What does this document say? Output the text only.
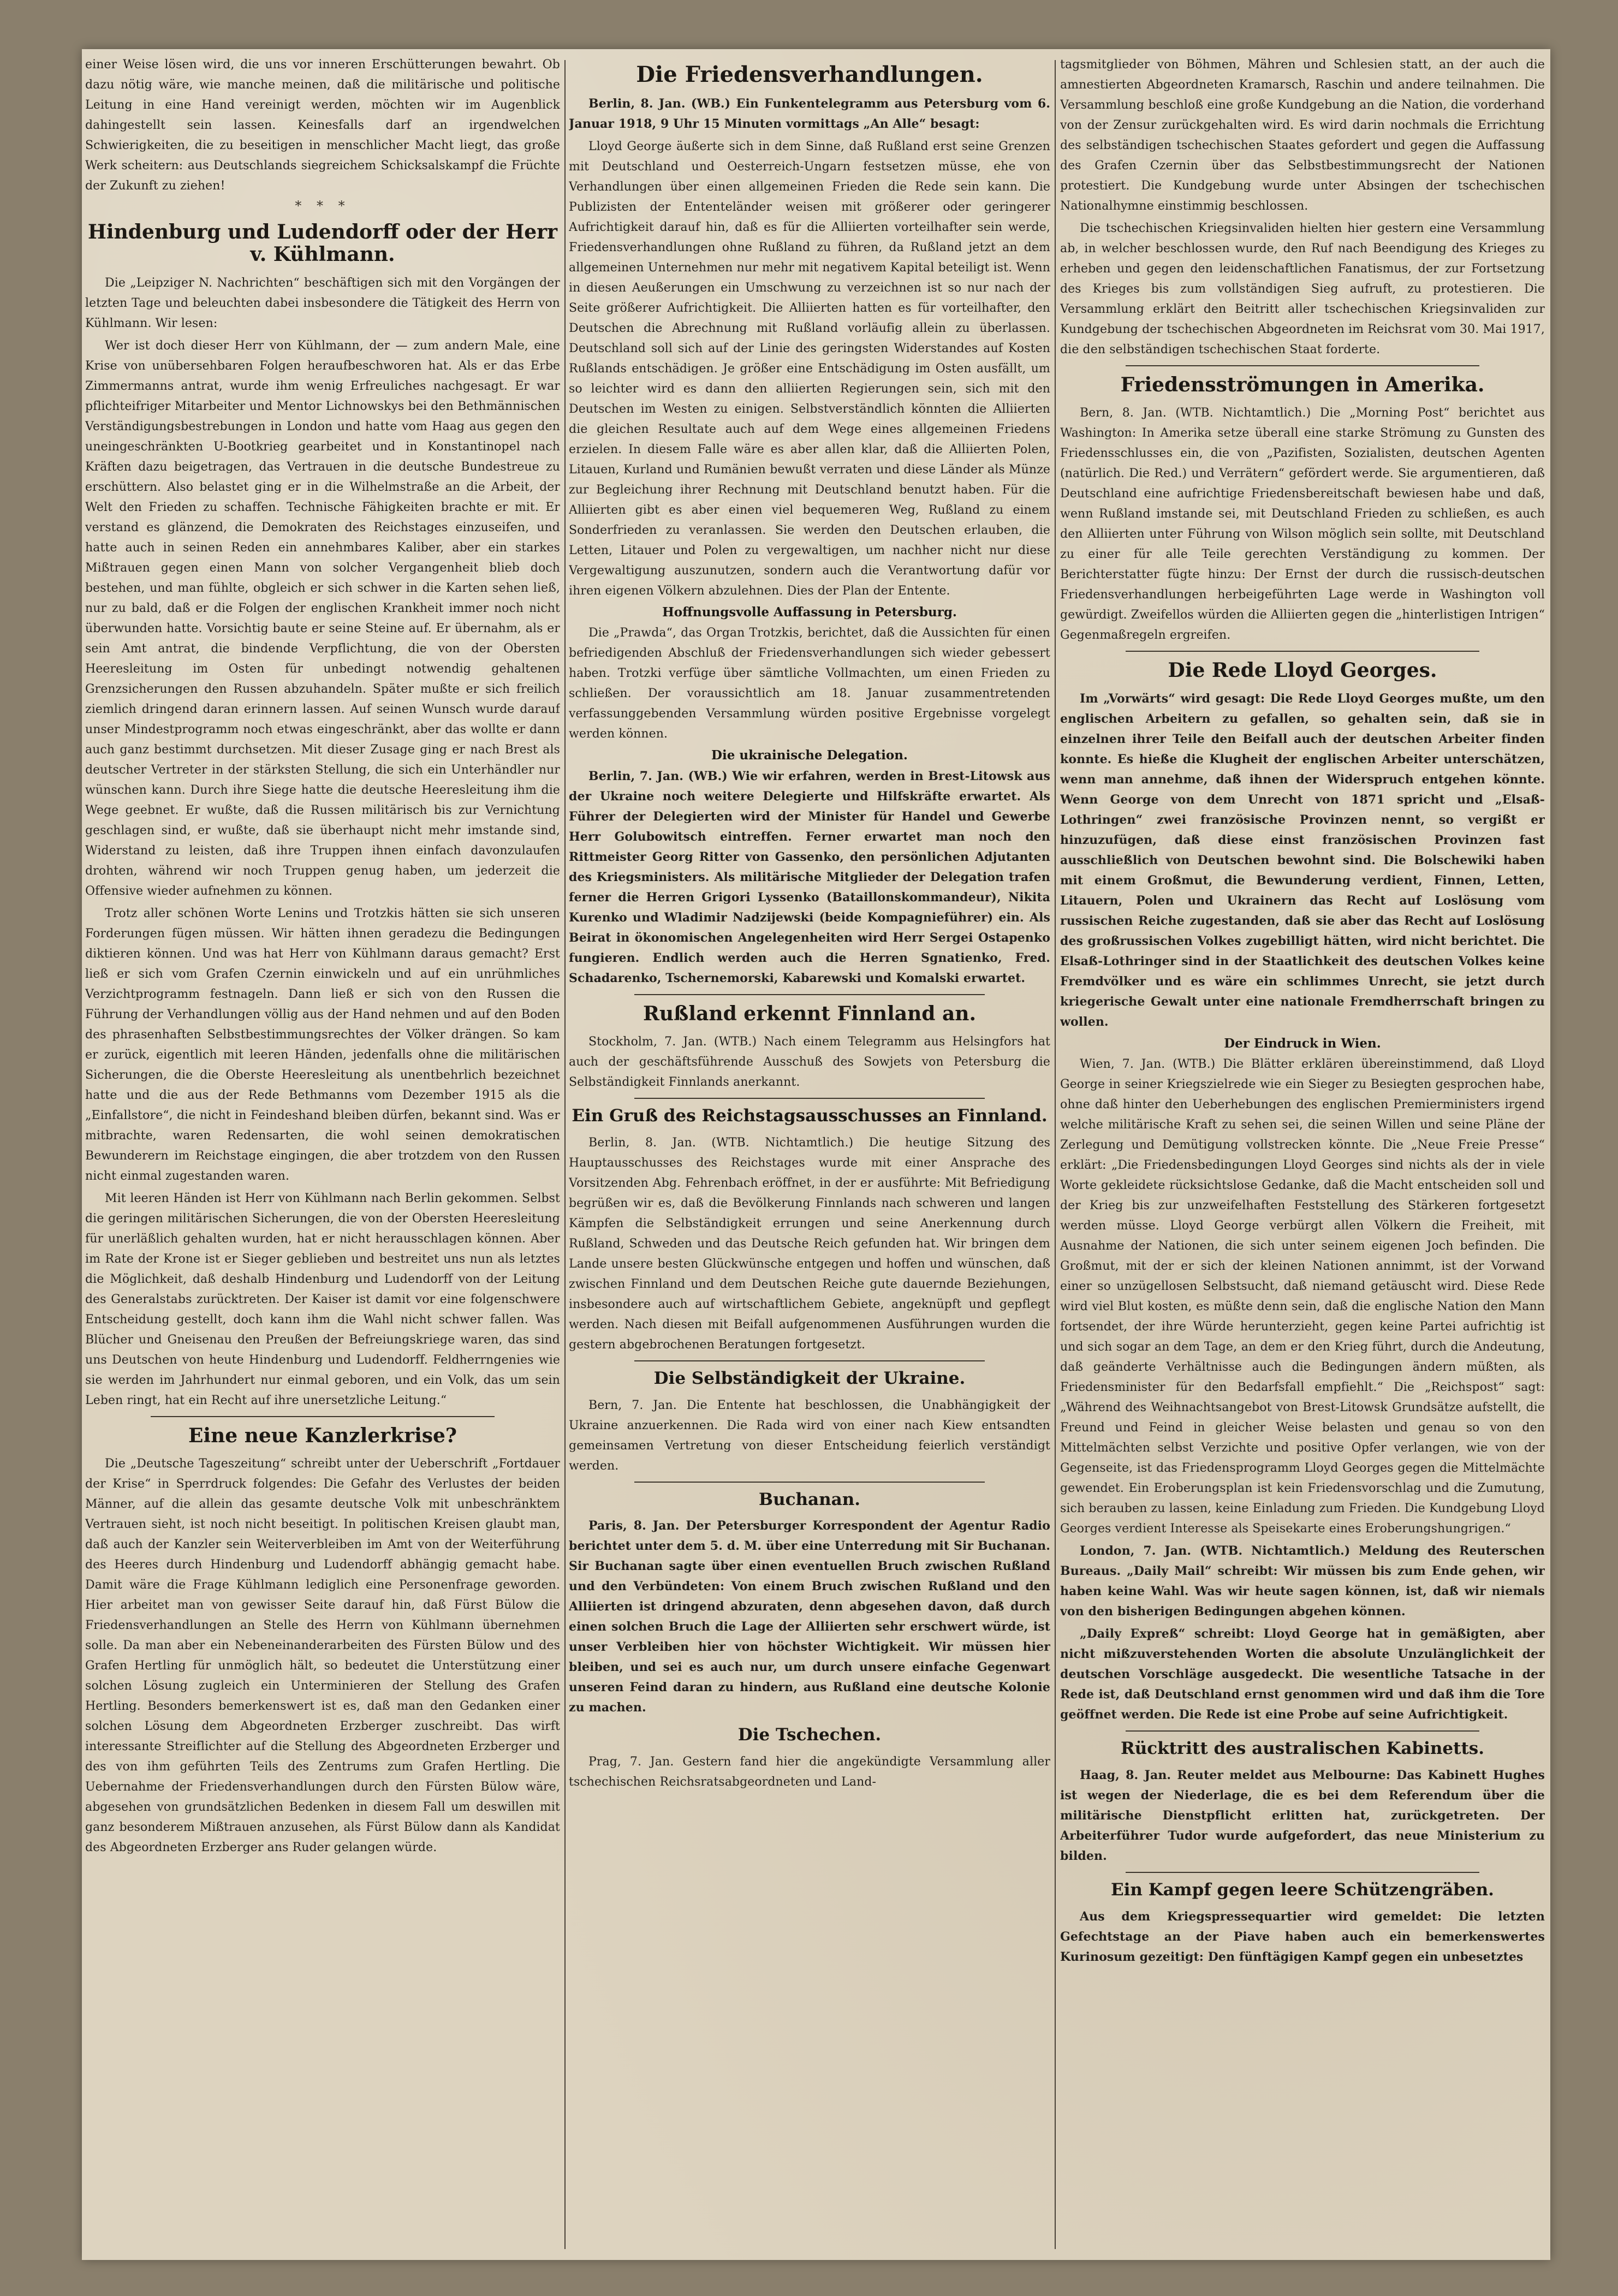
einer Weise lösen wird, die uns vor inneren Erschütterungen bewahrt. Ob dazu nötig wäre, wie manche meinen, daß die militärische und politische Leitung in eine Hand vereinigt werden, möchten wir im Augenblick dahingestellt sein lassen. Keinesfalls darf an irgendwelchen Schwierigkeiten, die zu beseitigen in menschlicher Macht liegt, das große Werk scheitern: aus Deutschlands siegreichem Schicksalskampf die Früchte der Zukunft zu ziehen!

* * *
Hindenburg und Ludendorff oder der Herr v. Kühlmann.

Die „Leipziger N. Nachrichten“ beschäftigen sich mit den Vorgängen der letzten Tage und beleuchten dabei insbesondere die Tätigkeit des Herrn von Kühlmann. Wir lesen:

Wer ist doch dieser Herr von Kühlmann, der — zum andern Male, eine Krise von unübersehbaren Folgen heraufbeschworen hat. Als er das Erbe Zimmermanns antrat, wurde ihm wenig Erfreuliches nachgesagt. Er war pflichteifriger Mitarbeiter und Mentor Lichnowskys bei den Bethmännischen Verständigungsbestrebungen in London und hatte vom Haag aus gegen den uneingeschränkten U-Bootkrieg gearbeitet und in Konstantinopel nach Kräften dazu beigetragen, das Vertrauen in die deutsche Bundestreue zu erschüttern. Also belastet ging er in die Wilhelmstraße an die Arbeit, der Welt den Frieden zu schaffen. Technische Fähigkeiten brachte er mit. Er verstand es glänzend, die Demokraten des Reichstages einzuseifen, und hatte auch in seinen Reden ein annehmbares Kaliber, aber ein starkes Mißtrauen gegen einen Mann von solcher Vergangenheit blieb doch bestehen, und man fühlte, obgleich er sich schwer in die Karten sehen ließ, nur zu bald, daß er die Folgen der englischen Krankheit immer noch nicht überwunden hatte. Vorsichtig baute er seine Steine auf. Er übernahm, als er sein Amt antrat, die bindende Verpflichtung, die von der Obersten Heeresleitung im Osten für unbedingt notwendig gehaltenen Grenzsicherungen den Russen abzuhandeln. Später mußte er sich freilich ziemlich dringend daran erinnern lassen. Auf seinen Wunsch wurde darauf unser Mindestprogramm noch etwas eingeschränkt, aber das wollte er dann auch ganz bestimmt durchsetzen. Mit dieser Zusage ging er nach Brest als deutscher Vertreter in der stärksten Stellung, die sich ein Unterhändler nur wünschen kann. Durch ihre Siege hatte die deutsche Heeresleitung ihm die Wege geebnet. Er wußte, daß die Russen militärisch bis zur Vernichtung geschlagen sind, er wußte, daß sie überhaupt nicht mehr imstande sind, Widerstand zu leisten, daß ihre Truppen ihnen einfach davonzulaufen drohten, während wir noch Truppen genug haben, um jederzeit die Offensive wieder aufnehmen zu können.

Trotz aller schönen Worte Lenins und Trotzkis hätten sie sich unseren Forderungen fügen müssen. Wir hätten ihnen geradezu die Bedingungen diktieren können. Und was hat Herr von Kühlmann daraus gemacht? Erst ließ er sich vom Grafen Czernin einwickeln und auf ein unrühmliches Verzichtprogramm festnageln. Dann ließ er sich von den Russen die Führung der Verhandlungen völlig aus der Hand nehmen und auf den Boden des phrasenhaften Selbstbestimmungsrechtes der Völker drängen. So kam er zurück, eigentlich mit leeren Händen, jedenfalls ohne die militärischen Sicherungen, die die Oberste Heeresleitung als unentbehrlich bezeichnet hatte und die aus der Rede Bethmanns vom Dezember 1915 als die „Einfallstore“, die nicht in Feindeshand bleiben dürfen, bekannt sind. Was er mitbrachte, waren Redensarten, die wohl seinen demokratischen Bewunderern im Reichstage eingingen, die aber trotzdem von den Russen nicht einmal zugestanden waren.

Mit leeren Händen ist Herr von Kühlmann nach Berlin gekommen. Selbst die geringen militärischen Sicherungen, die von der Obersten Heeresleitung für unerläßlich gehalten wurden, hat er nicht herausschlagen können. Aber im Rate der Krone ist er Sieger geblieben und bestreitet uns nun als letztes die Möglichkeit, daß deshalb Hindenburg und Ludendorff von der Leitung des Generalstabs zurücktreten. Der Kaiser ist damit vor eine folgenschwere Entscheidung gestellt, doch kann ihm die Wahl nicht schwer fallen. Was Blücher und Gneisenau den Preußen der Befreiungskriege waren, das sind uns Deutschen von heute Hindenburg und Ludendorff. Feldherrngenies wie sie werden im Jahrhundert nur einmal geboren, und ein Volk, das um sein Leben ringt, hat ein Recht auf ihre unersetzliche Leitung.“

Eine neue Kanzlerkrise?

Die „Deutsche Tageszeitung“ schreibt unter der Ueberschrift „Fortdauer der Krise“ in Sperrdruck folgendes: Die Gefahr des Verlustes der beiden Männer, auf die allein das gesamte deutsche Volk mit unbeschränktem Vertrauen sieht, ist noch nicht beseitigt. In politischen Kreisen glaubt man, daß auch der Kanzler sein Weiterverbleiben im Amt von der Weiterführung des Heeres durch Hindenburg und Ludendorff abhängig gemacht habe. Damit wäre die Frage Kühlmann lediglich eine Personenfrage geworden. Hier arbeitet man von gewisser Seite darauf hin, daß Fürst Bülow die Friedensverhandlungen an Stelle des Herrn von Kühlmann übernehmen solle. Da man aber ein Nebeneinanderarbeiten des Fürsten Bülow und des Grafen Hertling für unmöglich hält, so bedeutet die Unterstützung einer solchen Lösung zugleich ein Unterminieren der Stellung des Grafen Hertling. Besonders bemerkenswert ist es, daß man den Gedanken einer solchen Lösung dem Abgeordneten Erzberger zuschreibt. Das wirft interessante Streiflichter auf die Stellung des Abgeordneten Erzberger und des von ihm geführten Teils des Zentrums zum Grafen Hertling. Die Uebernahme der Friedensverhandlungen durch den Fürsten Bülow wäre, abgesehen von grundsätzlichen Bedenken in diesem Fall um deswillen mit ganz besonderem Mißtrauen anzusehen, als Fürst Bülow dann als Kandidat des Abgeordneten Erzberger ans Ruder gelangen würde.

Die Friedensverhandlungen.

Berlin, 8. Jan. (WB.) Ein Funkentelegramm aus Petersburg vom 6. Januar 1918, 9 Uhr 15 Minuten vormittags „An Alle“ besagt:

Lloyd George äußerte sich in dem Sinne, daß Rußland erst seine Grenzen mit Deutschland und Oesterreich-Ungarn festsetzen müsse, ehe von Verhandlungen über einen allgemeinen Frieden die Rede sein kann. Die Publizisten der Ententeländer weisen mit größerer oder geringerer Aufrichtigkeit darauf hin, daß es für die Alliierten vorteilhafter sein werde, Friedensverhandlungen ohne Rußland zu führen, da Rußland jetzt an dem allgemeinen Unternehmen nur mehr mit negativem Kapital beteiligt ist. Wenn in diesen Aeußerungen ein Umschwung zu verzeichnen ist so nur nach der Seite größerer Aufrichtigkeit. Die Alliierten hatten es für vorteilhafter, den Deutschen die Abrechnung mit Rußland vorläufig allein zu überlassen. Deutschland soll sich auf der Linie des geringsten Widerstandes auf Kosten Rußlands entschädigen. Je größer eine Entschädigung im Osten ausfällt, um so leichter wird es dann den alliierten Regierungen sein, sich mit den Deutschen im Westen zu einigen. Selbstverständlich könnten die Alliierten die gleichen Resultate auch auf dem Wege eines allgemeinen Friedens erzielen. In diesem Falle wäre es aber allen klar, daß die Alliierten Polen, Litauen, Kurland und Rumänien bewußt verraten und diese Länder als Münze zur Begleichung ihrer Rechnung mit Deutschland benutzt haben. Für die Alliierten gibt es aber einen viel bequemeren Weg, Rußland zu einem Sonderfrieden zu veranlassen. Sie werden den Deutschen erlauben, die Letten, Litauer und Polen zu vergewaltigen, um nachher nicht nur diese Vergewaltigung auszunutzen, sondern auch die Verantwortung dafür vor ihren eigenen Völkern abzulehnen. Dies der Plan der Entente.

Hoffnungsvolle Auffassung in Petersburg.

Die „Prawda“, das Organ Trotzkis, berichtet, daß die Aussichten für einen befriedigenden Abschluß der Friedensverhandlungen sich wieder gebessert haben. Trotzki verfüge über sämtliche Vollmachten, um einen Frieden zu schließen. Der voraussichtlich am 18. Januar zusammentretenden verfassunggebenden Versammlung würden positive Ergebnisse vorgelegt werden können.

Die ukrainische Delegation.

Berlin, 7. Jan. (WB.) Wie wir erfahren, werden in Brest-Litowsk aus der Ukraine noch weitere Delegierte und Hilfskräfte erwartet. Als Führer der Delegierten wird der Minister für Handel und Gewerbe Herr Golubowitsch eintreffen. Ferner erwartet man noch den Rittmeister Georg Ritter von Gassenko, den persönlichen Adjutanten des Kriegsministers. Als militärische Mitglieder der Delegation trafen ferner die Herren Grigori Lyssenko (Bataillonskommandeur), Nikita Kurenko und Wladimir Nadzijewski (beide Kompagnieführer) ein. Als Beirat in ökonomischen Angelegenheiten wird Herr Sergei Ostapenko fungieren. Endlich werden auch die Herren Sgnatienko, Fred. Schadarenko, Tschernemorski, Kabarewski und Komalski erwartet.

Rußland erkennt Finnland an.

Stockholm, 7. Jan. (WTB.) Nach einem Telegramm aus Helsingfors hat auch der geschäftsführende Ausschuß des Sowjets von Petersburg die Selbständigkeit Finnlands anerkannt.

Ein Gruß des Reichstagsausschusses an Finnland.

Berlin, 8. Jan. (WTB. Nichtamtlich.) Die heutige Sitzung des Hauptausschusses des Reichstages wurde mit einer Ansprache des Vorsitzenden Abg. Fehrenbach eröffnet, in der er ausführte: Mit Befriedigung begrüßen wir es, daß die Bevölkerung Finnlands nach schweren und langen Kämpfen die Selbständigkeit errungen und seine Anerkennung durch Rußland, Schweden und das Deutsche Reich gefunden hat. Wir bringen dem Lande unsere besten Glückwünsche entgegen und hoffen und wünschen, daß zwischen Finnland und dem Deutschen Reiche gute dauernde Beziehungen, insbesondere auch auf wirtschaftlichem Gebiete, angeknüpft und gepflegt werden. Nach diesen mit Beifall aufgenommenen Ausführungen wurden die gestern abgebrochenen Beratungen fortgesetzt.

Die Selbständigkeit der Ukraine.

Bern, 7. Jan. Die Entente hat beschlossen, die Unabhängigkeit der Ukraine anzuerkennen. Die Rada wird von einer nach Kiew entsandten gemeinsamen Vertretung von dieser Entscheidung feierlich verständigt werden.

Buchanan.

Paris, 8. Jan. Der Petersburger Korrespondent der Agentur Radio berichtet unter dem 5. d. M. über eine Unterredung mit Sir Buchanan. Sir Buchanan sagte über einen eventuellen Bruch zwischen Rußland und den Verbündeten: Von einem Bruch zwischen Rußland und den Alliierten ist dringend abzuraten, denn abgesehen davon, daß durch einen solchen Bruch die Lage der Alliierten sehr erschwert würde, ist unser Verbleiben hier von höchster Wichtigkeit. Wir müssen hier bleiben, und sei es auch nur, um durch unsere einfache Gegenwart unseren Feind daran zu hindern, aus Rußland eine deutsche Kolonie zu machen.

Die Tschechen.

Prag, 7. Jan. Gestern fand hier die angekündigte Versammlung aller tschechischen Reichsratsabgeordneten und Land-

tagsmitglieder von Böhmen, Mähren und Schlesien statt, an der auch die amnestierten Abgeordneten Kramarsch, Raschin und andere teilnahmen. Die Versammlung beschloß eine große Kundgebung an die Nation, die vorderhand von der Zensur zurückgehalten wird. Es wird darin nochmals die Errichtung des selbständigen tschechischen Staates gefordert und gegen die Auffassung des Grafen Czernin über das Selbstbestimmungsrecht der Nationen protestiert. Die Kundgebung wurde unter Absingen der tschechischen Nationalhymne einstimmig beschlossen.

Die tschechischen Kriegsinvaliden hielten hier gestern eine Versammlung ab, in welcher beschlossen wurde, den Ruf nach Beendigung des Krieges zu erheben und gegen den leidenschaftlichen Fanatismus, der zur Fortsetzung des Krieges bis zum vollständigen Sieg aufruft, zu protestieren. Die Versammlung erklärt den Beitritt aller tschechischen Kriegsinvaliden zur Kundgebung der tschechischen Abgeordneten im Reichsrat vom 30. Mai 1917, die den selbständigen tschechischen Staat forderte.

Friedensströmungen in Amerika.

Bern, 8. Jan. (WTB. Nichtamtlich.) Die „Morning Post“ berichtet aus Washington: In Amerika setze überall eine starke Strömung zu Gunsten des Friedensschlusses ein, die von „Pazifisten, Sozialisten, deutschen Agenten (natürlich. Die Red.) und Verrätern“ gefördert werde. Sie argumentieren, daß Deutschland eine aufrichtige Friedensbereitschaft bewiesen habe und daß, wenn Rußland imstande sei, mit Deutschland Frieden zu schließen, es auch den Alliierten unter Führung von Wilson möglich sein sollte, mit Deutschland zu einer für alle Teile gerechten Verständigung zu kommen. Der Berichterstatter fügte hinzu: Der Ernst der durch die russisch-deutschen Friedensverhandlungen herbeigeführten Lage werde in Washington voll gewürdigt. Zweifellos würden die Alliierten gegen die „hinterlistigen Intrigen“ Gegenmaßregeln ergreifen.

Die Rede Lloyd Georges.

Im „Vorwärts“ wird gesagt: Die Rede Lloyd Georges mußte, um den englischen Arbeitern zu gefallen, so gehalten sein, daß sie in einzelnen ihrer Teile den Beifall auch der deutschen Arbeiter finden konnte. Es hieße die Klugheit der englischen Arbeiter unterschätzen, wenn man annehme, daß ihnen der Widerspruch entgehen könnte. Wenn George von dem Unrecht von 1871 spricht und „Elsaß-Lothringen“ zwei französische Provinzen nennt, so vergißt er hinzuzufügen, daß diese einst französischen Provinzen fast ausschließlich von Deutschen bewohnt sind. Die Bolschewiki haben mit einem Großmut, die Bewunderung verdient, Finnen, Letten, Litauern, Polen und Ukrainern das Recht auf Loslösung vom russischen Reiche zugestanden, daß sie aber das Recht auf Loslösung des großrussischen Volkes zugebilligt hätten, wird nicht berichtet. Die Elsaß-Lothringer sind in der Staatlichkeit des deutschen Volkes keine Fremdvölker und es wäre ein schlimmes Unrecht, sie jetzt durch kriegerische Gewalt unter eine nationale Fremdherrschaft bringen zu wollen.

Der Eindruck in Wien.

Wien, 7. Jan. (WTB.) Die Blätter erklären übereinstimmend, daß Lloyd George in seiner Kriegszielrede wie ein Sieger zu Besiegten gesprochen habe, ohne daß hinter den Ueberhebungen des englischen Premierministers irgend welche militärische Kraft zu sehen sei, die seinen Willen und seine Pläne der Zerlegung und Demütigung vollstrecken könnte. Die „Neue Freie Presse“ erklärt: „Die Friedensbedingungen Lloyd Georges sind nichts als der in viele Worte gekleidete rücksichtslose Gedanke, daß die Macht entscheiden soll und der Krieg bis zur unzweifelhaften Feststellung des Stärkeren fortgesetzt werden müsse. Lloyd George verbürgt allen Völkern die Freiheit, mit Ausnahme der Nationen, die sich unter seinem eigenen Joch befinden. Die Großmut, mit der er sich der kleinen Nationen annimmt, ist der Vorwand einer so unzügellosen Selbstsucht, daß niemand getäuscht wird. Diese Rede wird viel Blut kosten, es müßte denn sein, daß die englische Nation den Mann fortsendet, der ihre Würde herunterzieht, gegen keine Partei aufrichtig ist und sich sogar an dem Tage, an dem er den Krieg führt, durch die Andeutung, daß geänderte Verhältnisse auch die Bedingungen ändern müßten, als Friedensminister für den Bedarfsfall empfiehlt.“ Die „Reichspost“ sagt: „Während des Weihnachtsangebot von Brest-Litowsk Grundsätze aufstellt, die Freund und Feind in gleicher Weise belasten und genau so von den Mittelmächten selbst Verzichte und positive Opfer verlangen, wie von der Gegenseite, ist das Friedensprogramm Lloyd Georges gegen die Mittelmächte gewendet. Ein Eroberungsplan ist kein Friedensvorschlag und die Zumutung, sich berauben zu lassen, keine Einladung zum Frieden. Die Kundgebung Lloyd Georges verdient Interesse als Speisekarte eines Eroberungshungrigen.“

London, 7. Jan. (WTB. Nichtamtlich.) Meldung des Reuterschen Bureaus. „Daily Mail“ schreibt: Wir müssen bis zum Ende gehen, wir haben keine Wahl. Was wir heute sagen können, ist, daß wir niemals von den bisherigen Bedingungen abgehen können.

„Daily Expreß“ schreibt: Lloyd George hat in gemäßigten, aber nicht mißzuverstehenden Worten die absolute Unzulänglichkeit der deutschen Vorschläge ausgedeckt. Die wesentliche Tatsache in der Rede ist, daß Deutschland ernst genommen wird und daß ihm die Tore geöffnet werden. Die Rede ist eine Probe auf seine Aufrichtigkeit.

Rücktritt des australischen Kabinetts.

Haag, 8. Jan. Reuter meldet aus Melbourne: Das Kabinett Hughes ist wegen der Niederlage, die es bei dem Referendum über die militärische Dienstpflicht erlitten hat, zurückgetreten. Der Arbeiterführer Tudor wurde aufgefordert, das neue Ministerium zu bilden.

Ein Kampf gegen leere Schützengräben.

Aus dem Kriegspressequartier wird gemeldet: Die letzten Gefechtstage an der Piave haben auch ein bemerkenswertes Kurinosum gezeitigt: Den fünftägigen Kampf gegen ein unbesetztes
